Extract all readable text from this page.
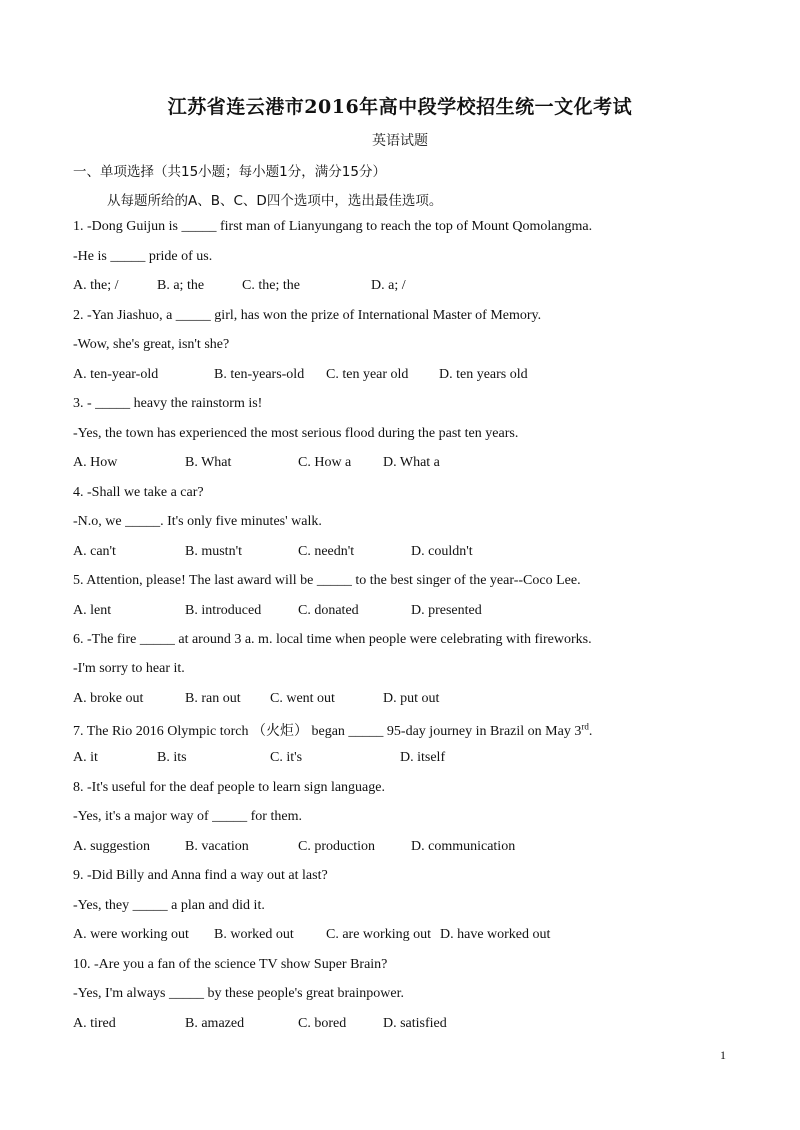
江苏省连云港市2016年高中段学校招生统一文化考试
英语试题
一、单项选择（共15小题；每小题1分，满分15分）
从每题所给的A、B、C、D四个选项中，选出最佳选项。
1. -Dong Guijun is _____ first man of Lianyungang to reach the top of Mount Qomolangma.
-He is _____ pride of us.
A. the; /	B. a; the	C. the; the	D. a; /
2. -Yan Jiashuo, a _____ girl, has won the prize of International Master of Memory.
-Wow, she's great, isn't she?
A. ten-year-old	B. ten-years-old C. ten year old D. ten years old
3. - _____ heavy the rainstorm is!
-Yes, the town has experienced the most serious flood during the past ten years.
A. How	B. What	C. How a D. What a
4. -Shall we take a car?
-N.o, we _____. It's only five minutes' walk.
A. can't	B. mustn't	C. needn't	D. couldn't
5. Attention, please! The last award will be _____ to the best singer of the year--Coco Lee.
A. lent	B. introduced	C. donated	D. presented
6. -The fire _____ at around 3 a. m. local time when people were celebrating with fireworks.
-I'm sorry to hear it.
A. broke out	B. ran out C. went out	D. put out
7. The Rio 2016 Olympic torch （火炬） began _____ 95-day journey in Brazil on May 3rd.
A. it	B. its	C. it's	D. itself
8. -It's useful for the deaf people to learn sign language.
-Yes, it's a major way of _____ for them.
A. suggestion	B. vacation	C. production	D. communication
9. -Did Billy and Anna find a way out at last?
-Yes, they _____ a plan and did it.
A. were working out B. worked out C. are working out D. have worked out
10. -Are you a fan of the science TV show Super Brain?
-Yes, I'm always _____ by these people's great brainpower.
A. tired	B. amazed	C. bored	D. satisfied
1
